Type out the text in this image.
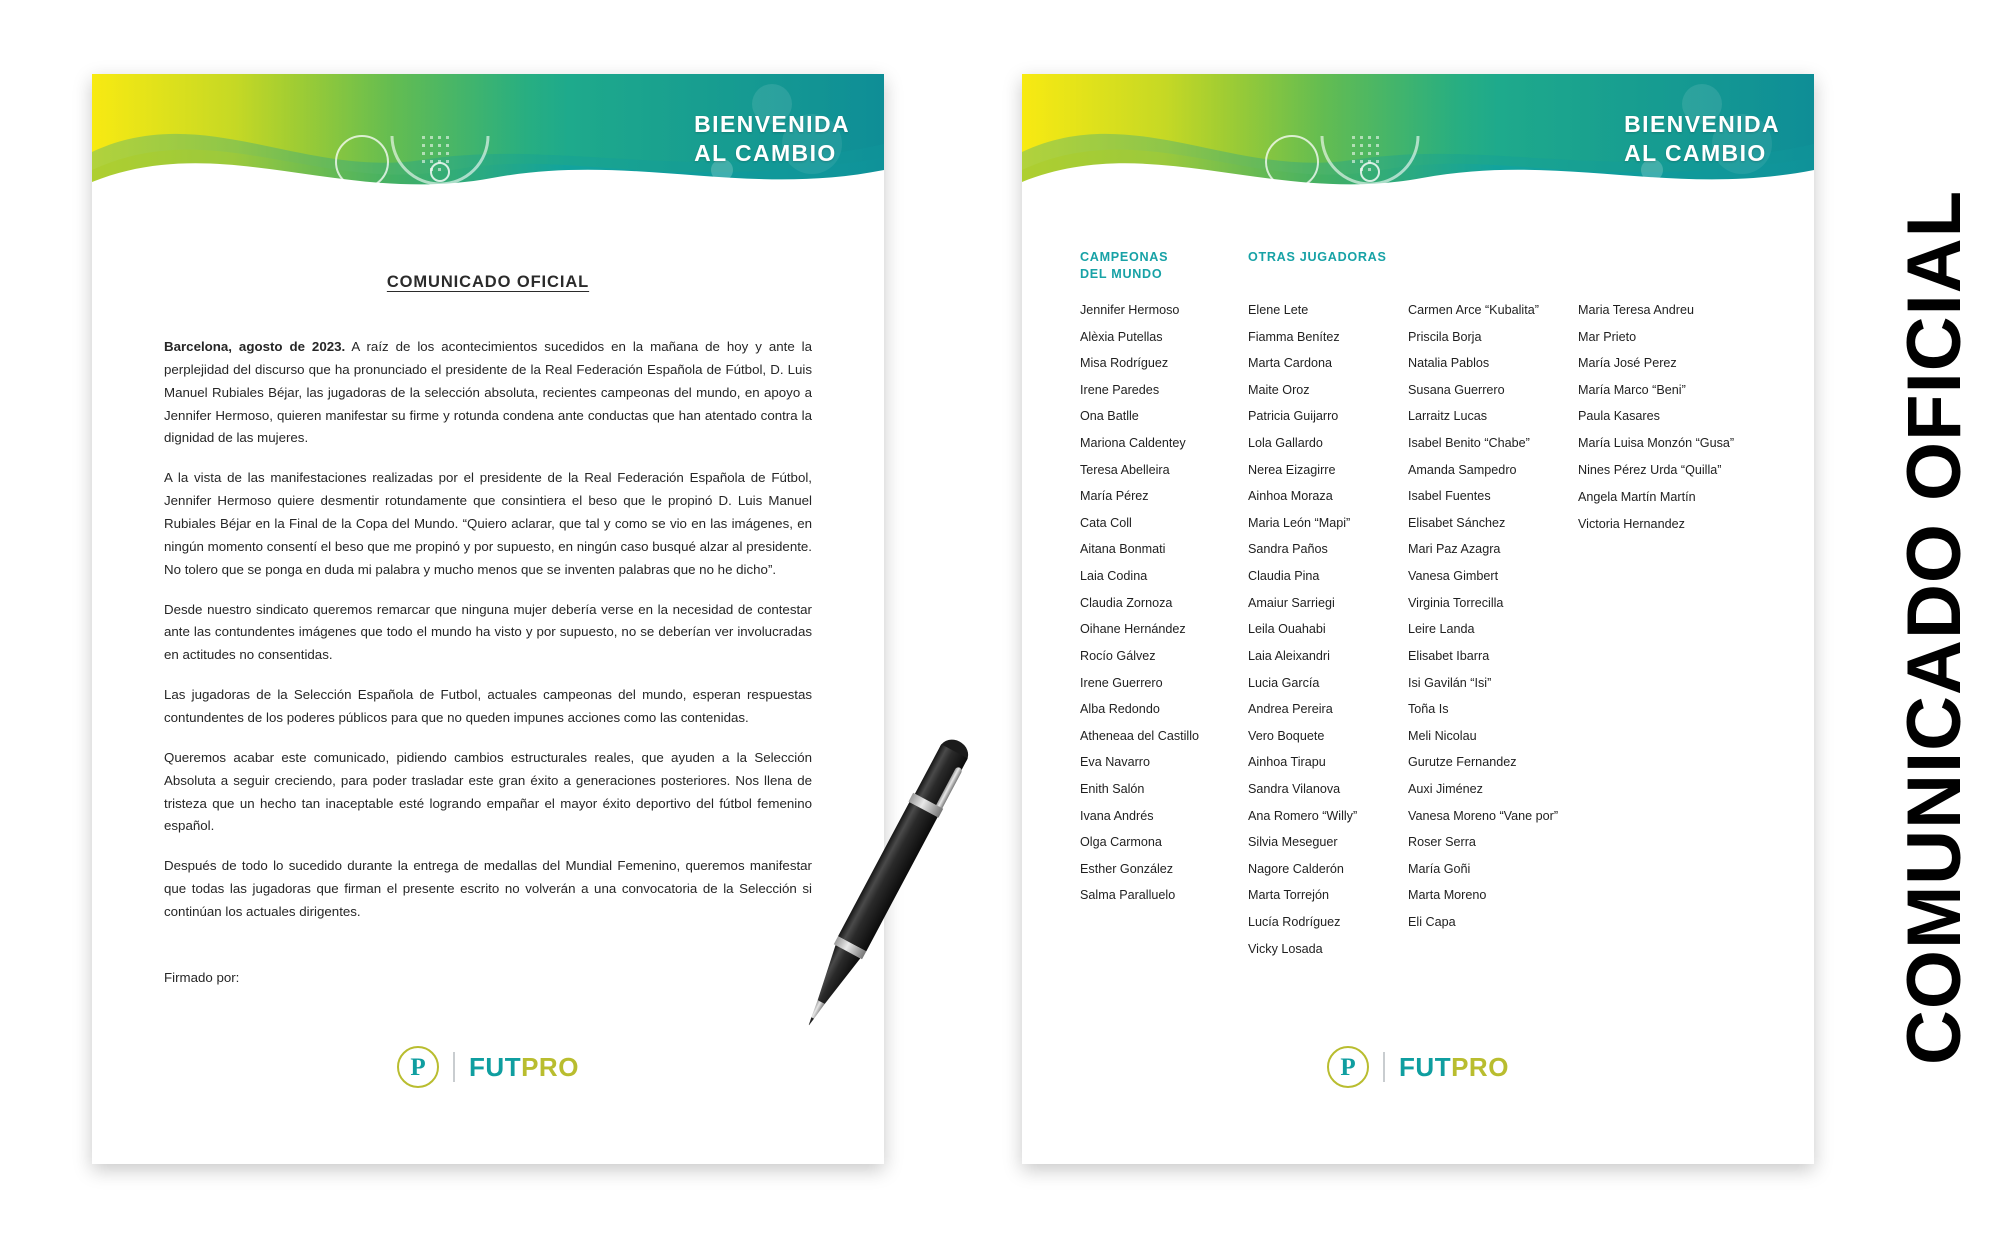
BIENVENIDA
AL CAMBIO
COMUNICADO OFICIAL

Barcelona, agosto de 2023. A raíz de los acontecimientos sucedidos en la mañana de hoy y ante la perplejidad del discurso que ha pronunciado el presidente de la Real Federación Española de Fútbol, D. Luis Manuel Rubiales Béjar, las jugadoras de la selección absoluta, recientes campeonas del mundo, en apoyo a Jennifer Hermoso, quieren manifestar su firme y rotunda condena ante conductas que han atentado contra la dignidad de las mujeres.

A la vista de las manifestaciones realizadas por el presidente de la Real Federación Española de Fútbol, Jennifer Hermoso quiere desmentir rotundamente que consintiera el beso que le propinó D. Luis Manuel Rubiales Béjar en la Final de la Copa del Mundo. “Quiero aclarar, que tal y como se vio en las imágenes, en ningún momento consentí el beso que me propinó y por supuesto, en ningún caso busqué alzar al presidente. No tolero que se ponga en duda mi palabra y mucho menos que se inventen palabras que no he dicho”.

Desde nuestro sindicato queremos remarcar que ninguna mujer debería verse en la necesidad de contestar ante las contundentes imágenes que todo el mundo ha visto y por supuesto, no se deberían ver involucradas en actitudes no consentidas.

Las jugadoras de la Selección Española de Futbol, actuales campeonas del mundo, esperan respuestas contundentes de los poderes públicos para que no queden impunes acciones como las contenidas.

Queremos acabar este comunicado, pidiendo cambios estructurales reales, que ayuden a la Selección Absoluta a seguir creciendo, para poder trasladar este gran éxito a generaciones posteriores. Nos llena de tristeza que un hecho tan inaceptable esté logrando empañar el mayor éxito deportivo del fútbol femenino español.

Después de todo lo sucedido durante la entrega de medallas del Mundial Femenino, queremos manifestar que todas las jugadoras que firman el presente escrito no volverán a una convocatoria de la Selección si continúan los actuales dirigentes.

Firmado por:
P	FUTPRO
BIENVENIDA
AL CAMBIO
CAMPEONAS
DEL MUNDO
Jennifer Hermoso
Alèxia Putellas
Misa Rodríguez
Irene Paredes
Ona Batlle
Mariona Caldentey
Teresa Abelleira
María Pérez
Cata Coll
Aitana Bonmati
Laia Codina
Claudia Zornoza
Oihane Hernández
Rocío Gálvez
Irene Guerrero
Alba Redondo
Atheneaa del Castillo
Eva Navarro
Enith Salón
Ivana Andrés
Olga Carmona
Esther González
Salma Paralluelo
OTRAS JUGADORAS
Elene Lete
Fiamma Benítez
Marta Cardona
Maite Oroz
Patricia Guijarro
Lola Gallardo
Nerea Eizagirre
Ainhoa Moraza
Maria León “Mapi”
Sandra Paños
Claudia Pina
Amaiur Sarriegi
Leila Ouahabi
Laia Aleixandri
Lucia García
Andrea Pereira
Vero Boquete
Ainhoa Tirapu
Sandra Vilanova
Ana Romero “Willy”
Silvia Meseguer
Nagore Calderón
Marta Torrejón
Lucía Rodríguez
Vicky Losada
Carmen Arce “Kubalita”
Priscila Borja
Natalia Pablos
Susana Guerrero
Larraitz Lucas
Isabel Benito “Chabe”
Amanda Sampedro
Isabel Fuentes
Elisabet Sánchez
Mari Paz Azagra
Vanesa Gimbert
Virginia Torrecilla
Leire Landa
Elisabet Ibarra
Isi Gavilán “Isi”
Toña Is
Meli Nicolau
Gurutze Fernandez
Auxi Jiménez
Vanesa Moreno “Vane por”
Roser Serra
María Goñi
Marta Moreno
Eli Capa
Maria Teresa Andreu
Mar Prieto
María José Perez
María Marco “Beni”
Paula Kasares
María Luisa Monzón “Gusa”
Nines Pérez Urda “Quilla”
Angela Martín Martín
Victoria Hernandez
P	FUTPRO
COMUNICADO OFICIAL
